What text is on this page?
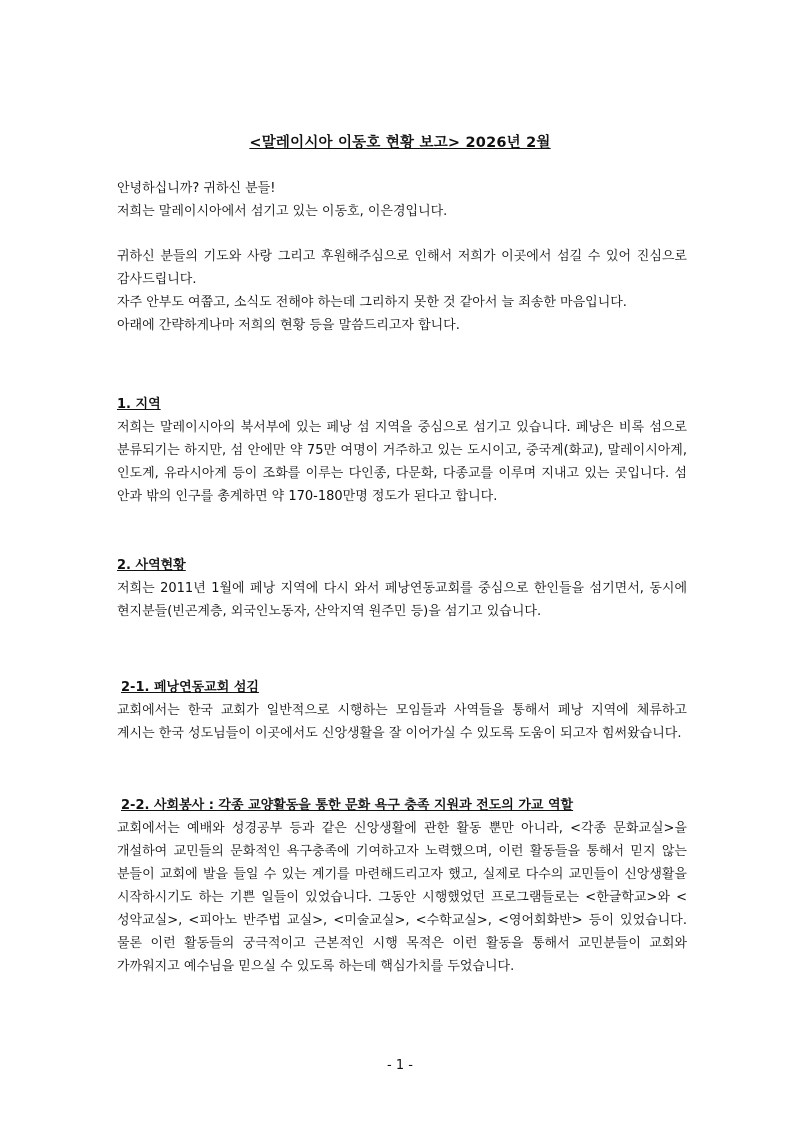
<말레이시아 이동호 현황 보고> 2026년 2월

안녕하십니까? 귀하신 분들!

저희는 말레이시아에서 섬기고 있는 이동호, 이은경입니다.

귀하신 분들의 기도와 사랑 그리고 후원해주심으로 인해서 저희가 이곳에서 섬길 수 있어 진심으로 감사드립니다.

자주 안부도 여쭙고, 소식도 전해야 하는데 그리하지 못한 것 같아서 늘 죄송한 마음입니다.

아래에 간략하게나마 저희의 현황 등을 말씀드리고자 합니다.

1. 지역

저희는 말레이시아의 북서부에 있는 페낭 섬 지역을 중심으로 섬기고 있습니다. 페낭은 비록 섬으로 분류되기는 하지만, 섬 안에만 약 75만 여명이 거주하고 있는 도시이고, 중국계(화교), 말레이시아계, 인도계, 유라시아계 등이 조화를 이루는 다인종, 다문화, 다종교를 이루며 지내고 있는 곳입니다. 섬 안과 밖의 인구를 총계하면 약 170-180만명 정도가 된다고 합니다.

2. 사역현황

저희는 2011년 1월에 페낭 지역에 다시 와서 페낭연동교회를 중심으로 한인들을 섬기면서, 동시에 현지분들(빈곤계층, 외국인노동자, 산악지역 원주민 등)을 섬기고 있습니다.

2-1. 페낭연동교회 섬김

교회에서는 한국 교회가 일반적으로 시행하는 모임들과 사역들을 통해서 페낭 지역에 체류하고 계시는 한국 성도님들이 이곳에서도 신앙생활을 잘 이어가실 수 있도록 도움이 되고자 힘써왔습니다.

2-2. 사회봉사 : 각종 교양활동을 통한 문화 욕구 충족 지원과 전도의 가교 역할

교회에서는 예배와 성경공부 등과 같은 신앙생활에 관한 활동 뿐만 아니라, <각종 문화교실>을 개설하여 교민들의 문화적인 욕구충족에 기여하고자 노력했으며, 이런 활동들을 통해서 믿지 않는 분들이 교회에 발을 들일 수 있는 계기를 마련해드리고자 했고, 실제로 다수의 교민들이 신앙생활을 시작하시기도 하는 기쁜 일들이 있었습니다. 그동안 시행했었던 프로그램들로는 <한글학교>와 <성악교실>, <피아노 반주법 교실>, <미술교실>, <수학교실>, <영어회화반> 등이 있었습니다. 물론 이런 활동들의 궁극적이고 근본적인 시행 목적은 이런 활동을 통해서 교민분들이 교회와 가까워지고 예수님을 믿으실 수 있도록 하는데 핵심가치를 두었습니다.

- 1 -
